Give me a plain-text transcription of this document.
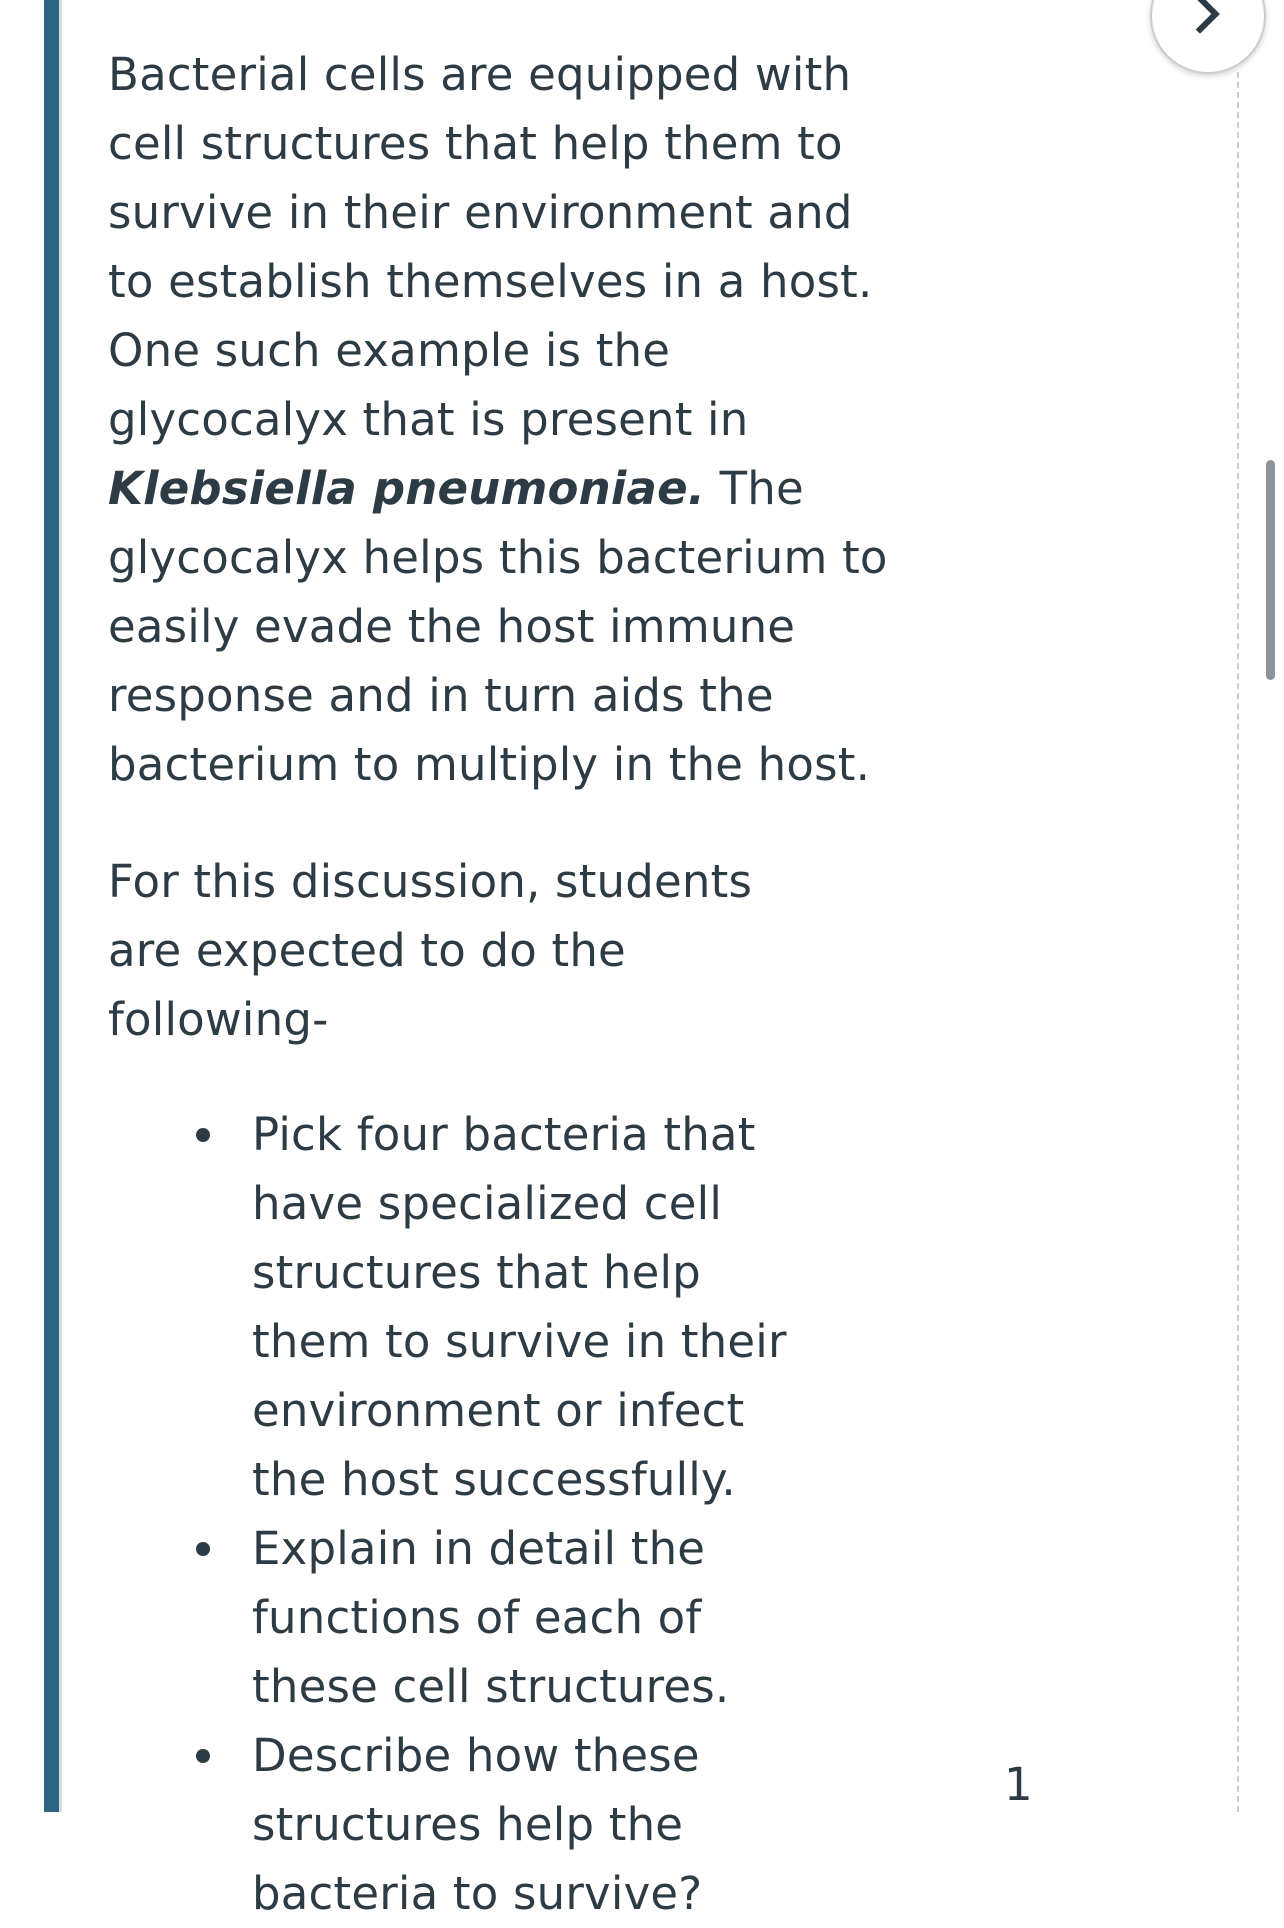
Bacterial cells are equipped with cell structures that help them to survive in their environment and to establish themselves in a host. One such example is the glycocalyx that is present in
Klebsiella pneumoniae. The glycocalyx helps this bacterium to easily evade the host immune response and in turn aids the bacterium to multiply in the host.

For this discussion, students are expected to do the following-

Pick four bacteria that have specialized cell structures that help them to survive in their environment or infect the host successfully.
Explain in detail the functions of each of these cell structures.
Describe how these structures help the bacteria to survive?
1
